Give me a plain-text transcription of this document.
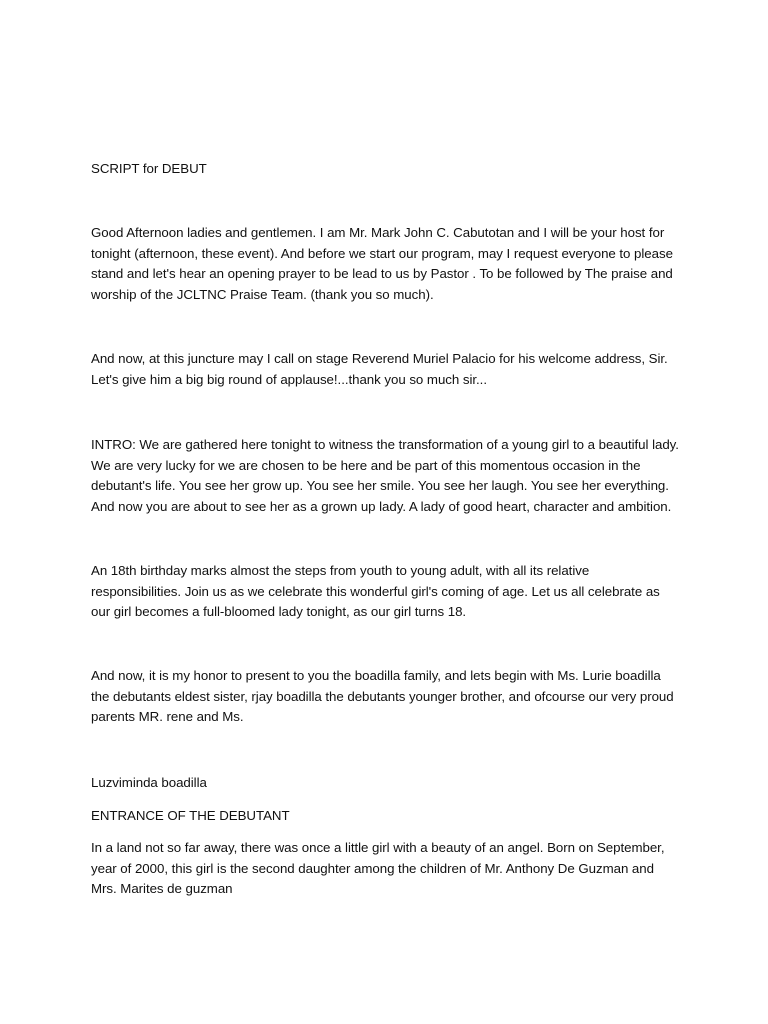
SCRIPT for DEBUT

Good Afternoon ladies and gentlemen. I am Mr. Mark John C. Cabutotan and I will be your host for tonight (afternoon, these event). And before we start our program, may I request everyone to please stand and let's hear an opening prayer to be lead to us by Pastor . To be followed by The praise and worship of the JCLTNC Praise Team. (thank you so much).

And now, at this juncture may I call on stage Reverend Muriel Palacio for his welcome address, Sir. Let's give him a big big round of applause!...thank you so much sir...

INTRO: We are gathered here tonight to witness the transformation of a young girl to a beautiful lady. We are very lucky for we are chosen to be here and be part of this momentous occasion in the debutant's life. You see her grow up. You see her smile. You see her laugh. You see her everything. And now you are about to see her as a grown up lady. A lady of good heart, character and ambition.

An 18th birthday marks almost the steps from youth to young adult, with all its relative responsibilities. Join us as we celebrate this wonderful girl's coming of age. Let us all celebrate as our girl becomes a full-bloomed lady tonight, as our girl turns 18.

And now, it is my honor to present to you the boadilla family, and lets begin with Ms. Lurie boadilla the debutants eldest sister, rjay boadilla the debutants younger brother, and ofcourse our very proud parents MR. rene and Ms.

Luzviminda boadilla

ENTRANCE OF THE DEBUTANT

In a land not so far away, there was once a little girl with a beauty of an angel. Born on September, year of 2000, this girl is the second daughter among the children of Mr. Anthony De Guzman and Mrs. Marites de guzman
